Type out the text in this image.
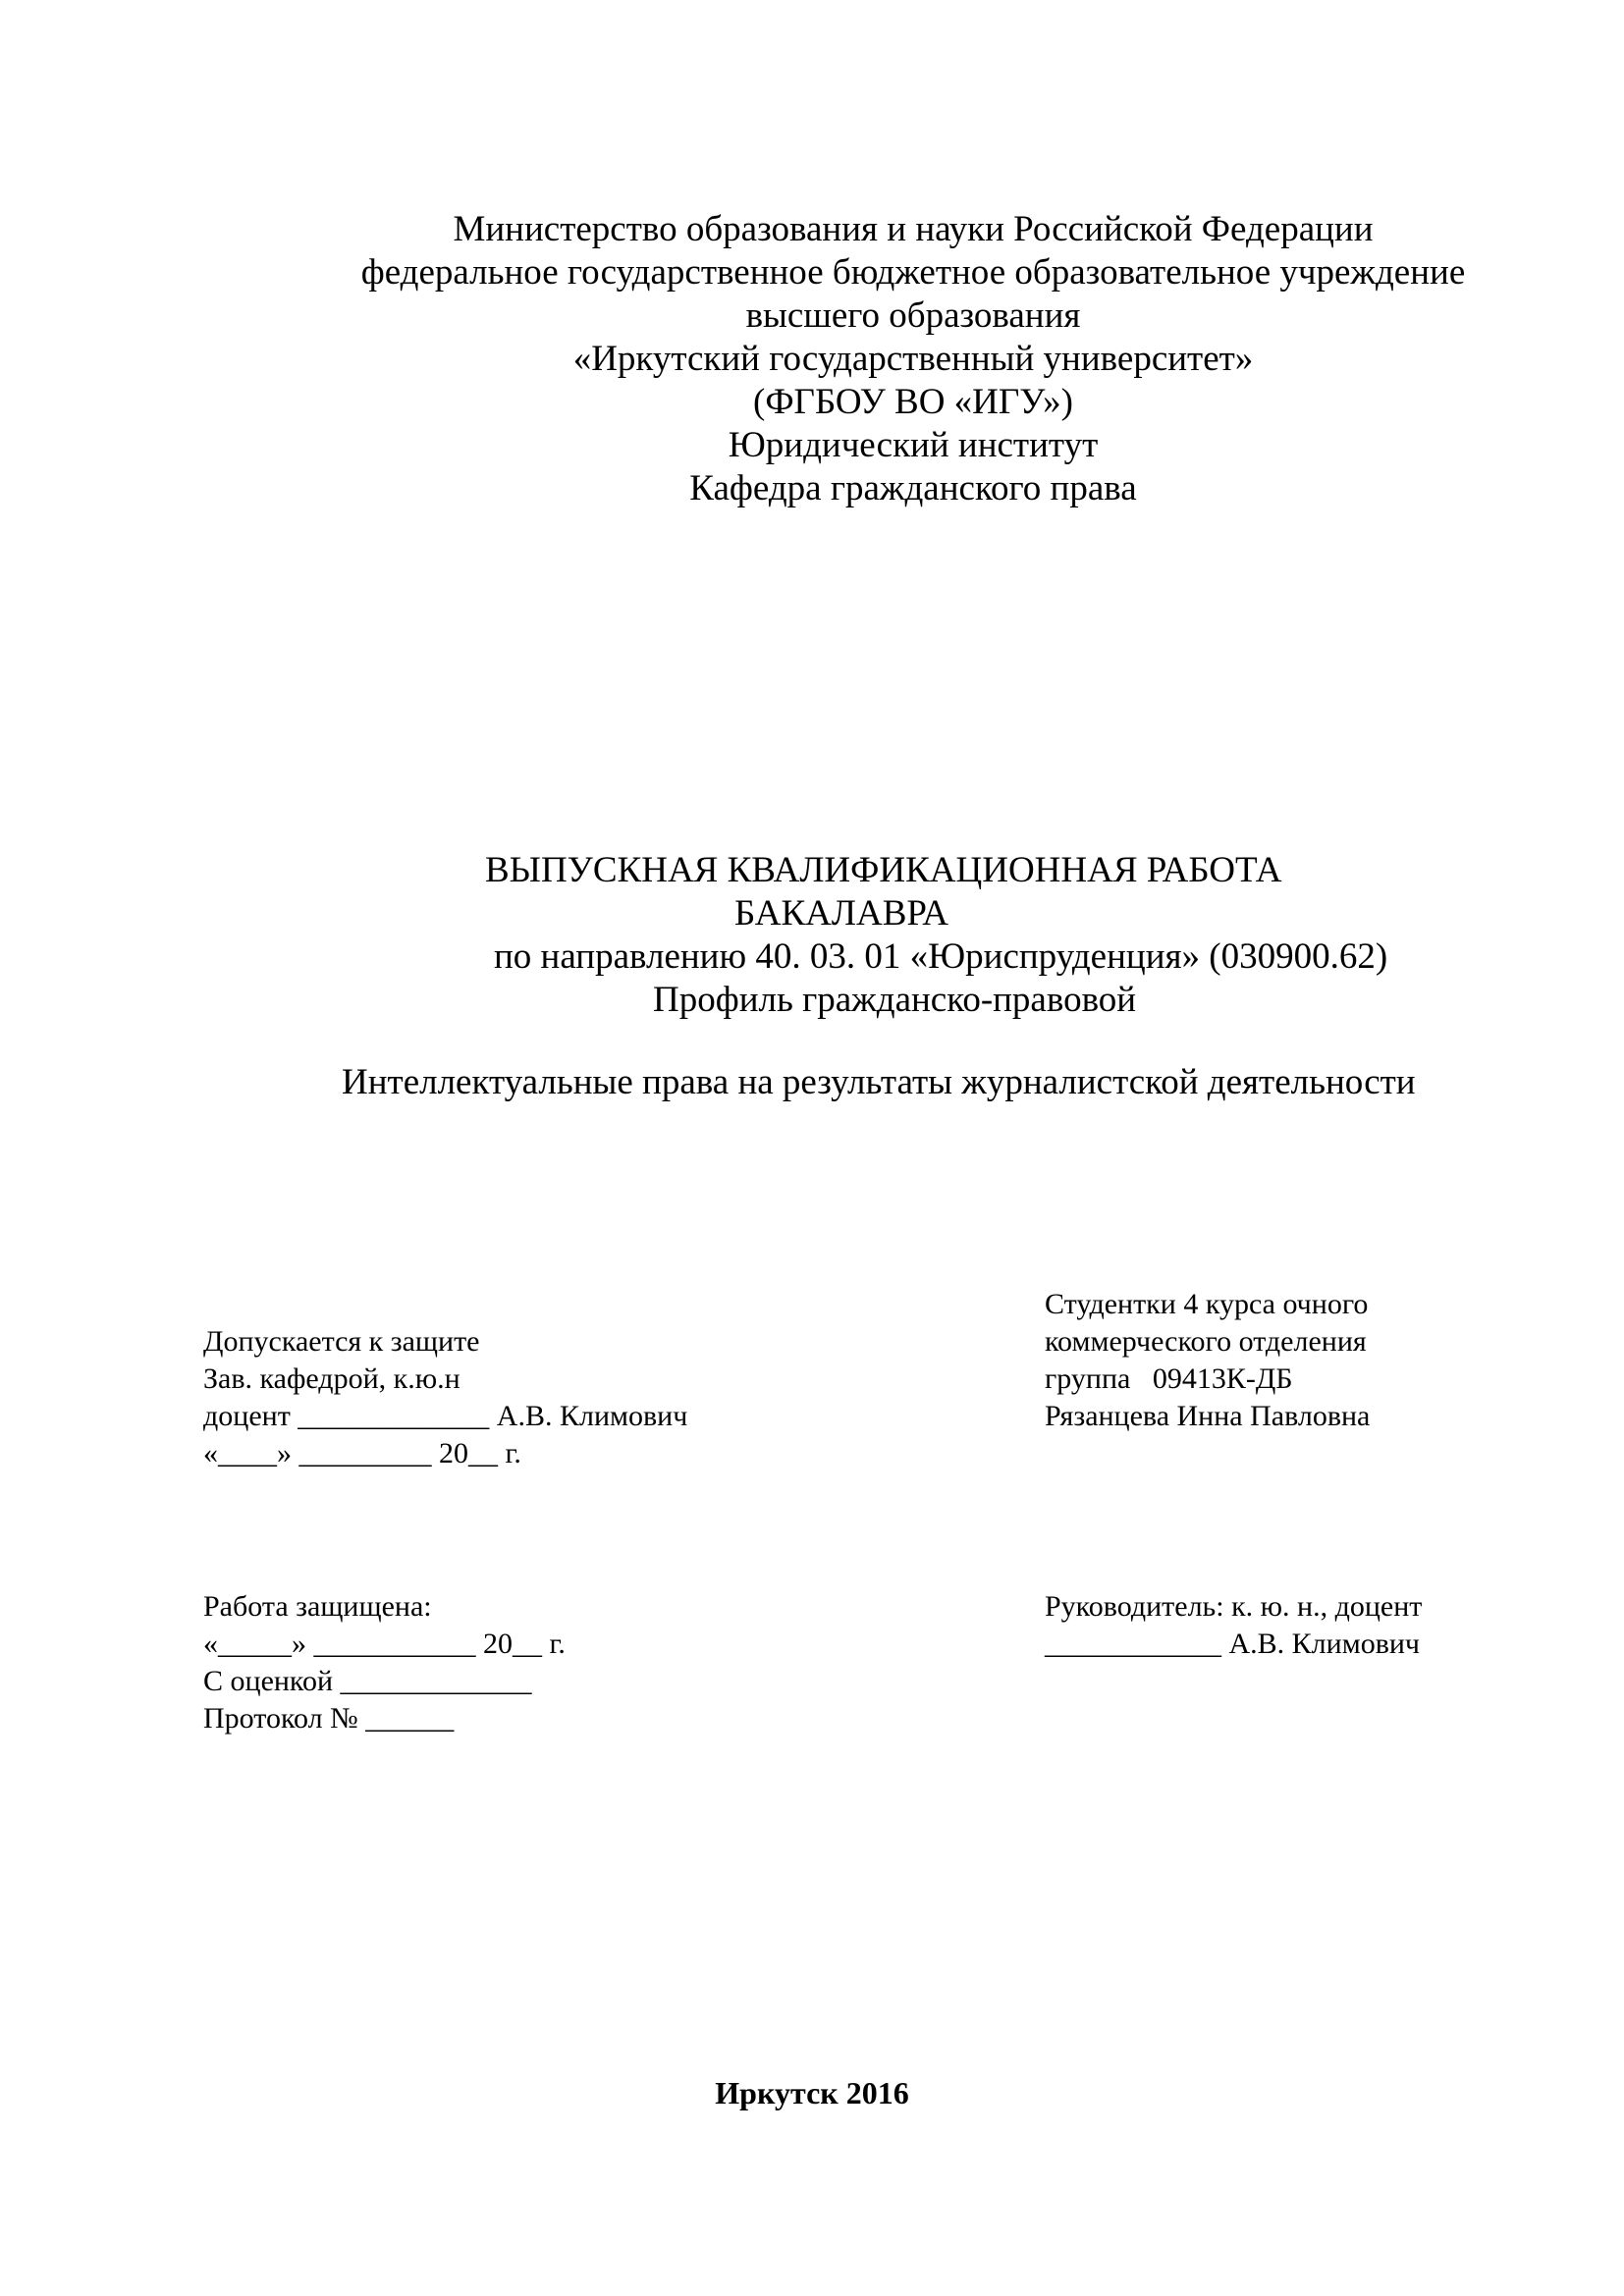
Министерство образования и науки Российской Федерации
федеральное государственное бюджетное образовательное учреждение
высшего образования
«Иркутский государственный университет»
(ФГБОУ ВО «ИГУ»)
Юридический институт
Кафедра гражданского права
ВЫПУСКНАЯ КВАЛИФИКАЦИОННАЯ РАБОТА
БАКАЛАВРА
по направлению 40. 03. 01 «Юриспруденция» (030900.62)
Профиль гражданско-правовой
Интеллектуальные права на результаты журналистской деятельности
Допускается к защите
Зав. кафедрой, к.ю.н
доцент _____________ А.В. Климович
«____» _________ 20__ г.
Студентки 4 курса очного
коммерческого отделения
группа   09413К-ДБ
Рязанцева Инна Павловна
Работа защищена:
«_____» ___________ 20__ г.
С оценкой _____________
Протокол № ______
Руководитель: к. ю. н., доцент
____________ А.В. Климович
Иркутск 2016
